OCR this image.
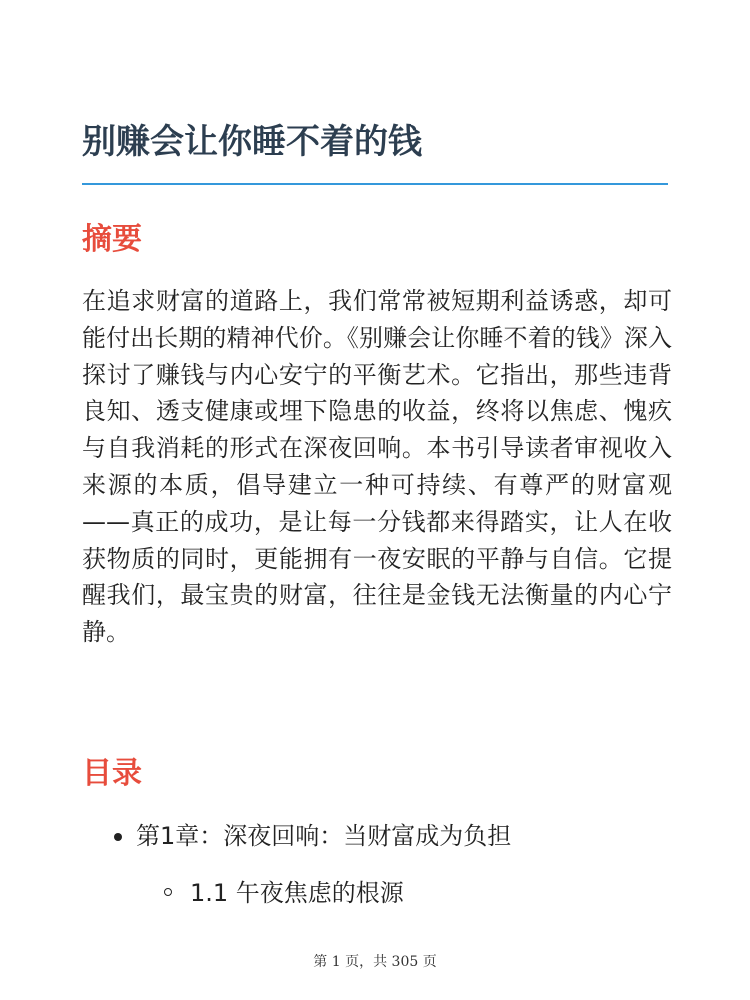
别赚会让你睡不着的钱
摘要

在追求财富的道路上，我们常常被短期利益诱惑，却可能付出长期的精神代价。《别赚会让你睡不着的钱》深入探讨了赚钱与内心安宁的平衡艺术。它指出，那些违背良知、透支健康或埋下隐患的收益，终将以焦虑、愧疚与自我消耗的形式在深夜回响。本书引导读者审视收入来源的本质，倡导建立一种可持续、有尊严的财富观——真正的成功，是让每一分钱都来得踏实，让人在收获物质的同时，更能拥有一夜安眠的平静与自信。它提醒我们，最宝贵的财富，往往是金钱无法衡量的内心宁静。

目录
第1章：深夜回响：当财富成为负担
1.1 午夜焦虑的根源
第 1 页，共 305 页
